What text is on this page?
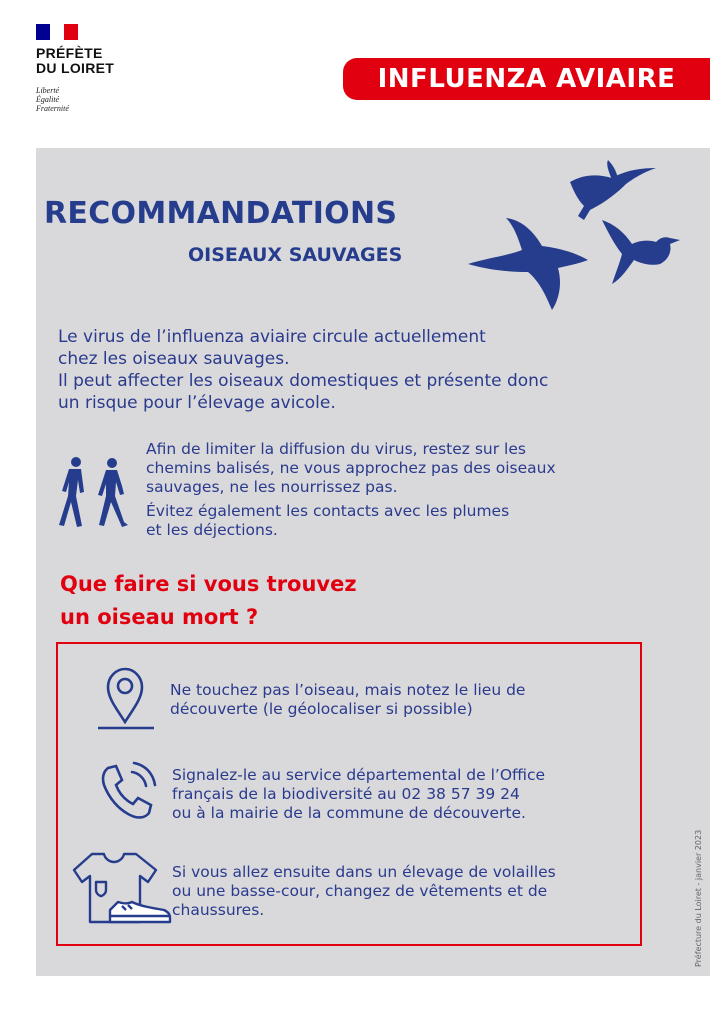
PRÉFÈTE
DU LOIRET
Liberté
Égalité
Fraternité
INFLUENZA AVIAIRE
RECOMMANDATIONS
OISEAUX SAUVAGES
Le virus de l’influenza aviaire circule actuellement
chez les oiseaux sauvages.
Il peut affecter les oiseaux domestiques et présente donc
un risque pour l’élevage avicole.
Afin de limiter la diffusion du virus, restez sur les
chemins balisés, ne vous approchez pas des oiseaux
sauvages, ne les nourrissez pas.
Évitez également les contacts avec les plumes
et les déjections.
Que faire si vous trouvez
un oiseau mort ?
Ne touchez pas l’oiseau, mais notez le lieu de
découverte (le géolocaliser si possible)
Signalez-le au service départemental de l’Office
français de la biodiversité au 02 38 57 39 24
ou à la mairie de la commune de découverte.
Si vous allez ensuite dans un élevage de volailles
ou une basse-cour, changez de vêtements et de
chaussures.	Préfecture du Loiret - janvier 2023
